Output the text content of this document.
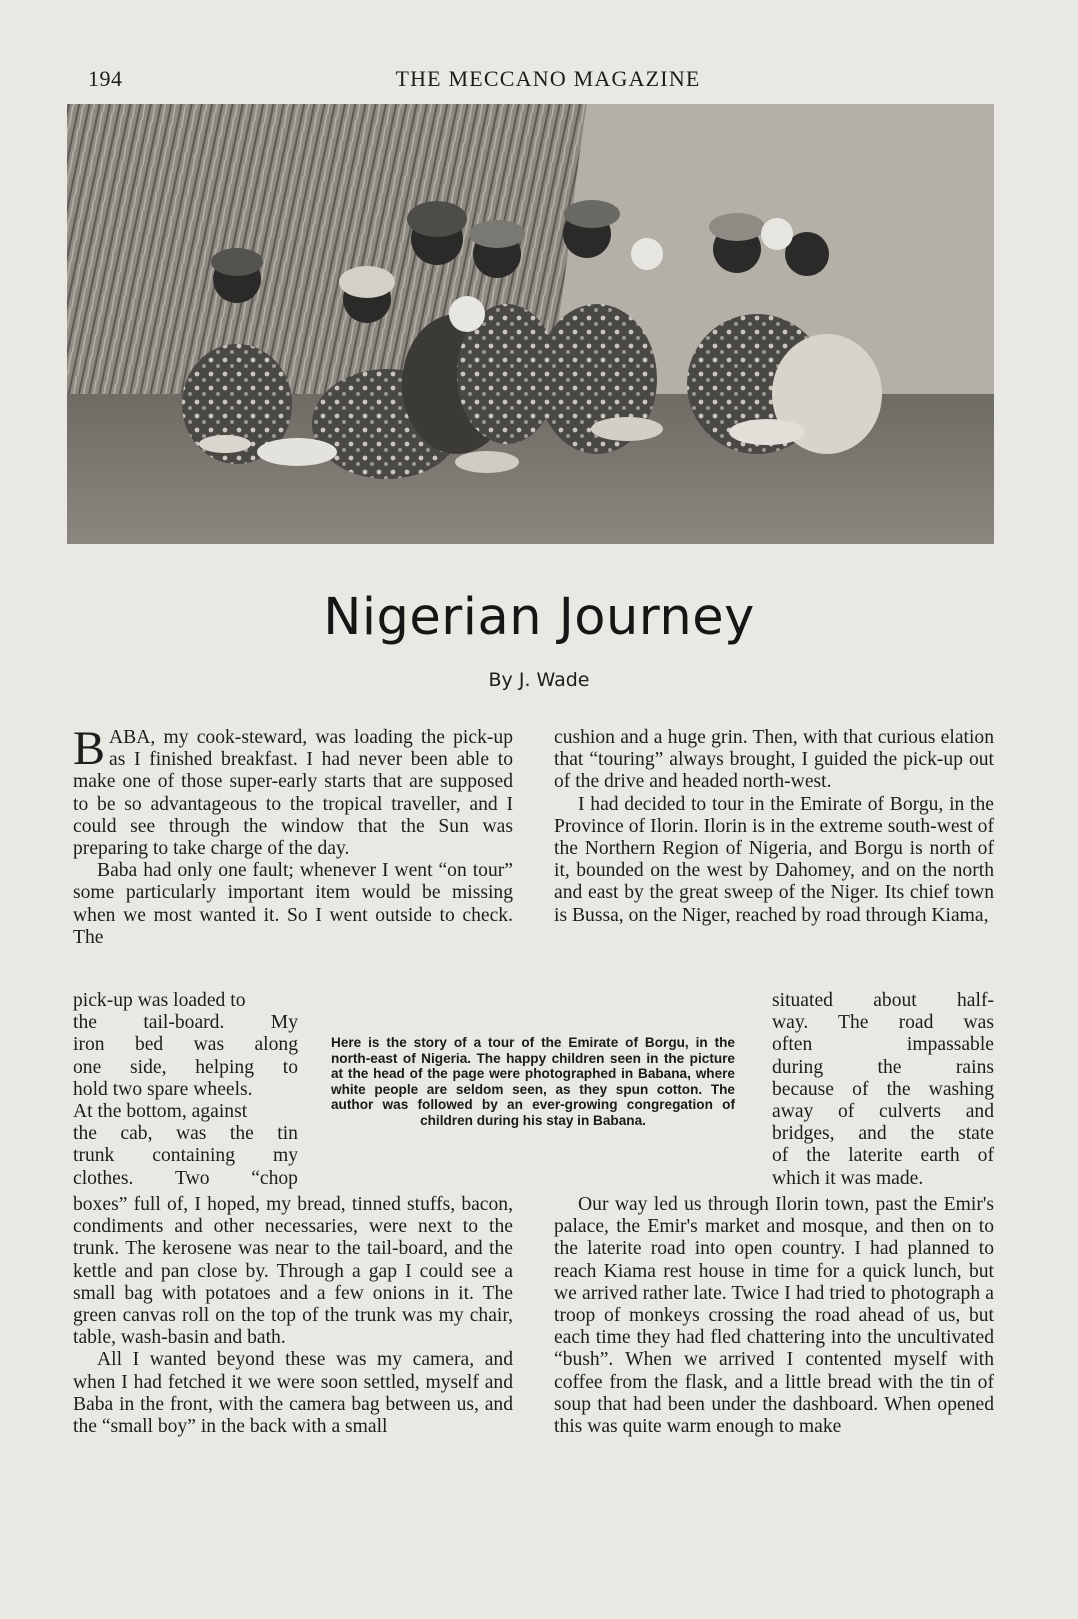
194	THE MECCANO MAGAZINE
Nigerian Journey
By J. Wade

BABA, my cook-steward, was loading the pick-up as I finished breakfast. I had never been able to make one of those super-early starts that are supposed to be so advantageous to the tropical traveller, and I could see through the window that the Sun was preparing to take charge of the day.

Baba had only one fault; whenever I went “on tour” some particularly important item would be missing when we most wanted it. So I went outside to check. The

pick-up was loaded to
the tail-board. My
iron bed was along
one side, helping to
hold two spare wheels.
At the bottom, against
the cab, was the tin
trunk containing my
clothes. Two “chop
Here is the story of a tour of the Emirate of Borgu, in the north-east of Nigeria. The happy children seen in the picture at the head of the page were photographed in Babana, where white people are seldom seen, as they spun cotton. The author was followed by an ever-growing congregation of children during his stay in Babana.

cushion and a huge grin. Then, with that curious elation that “touring” always brought, I guided the pick-up out of the drive and headed north-west.

I had decided to tour in the Emirate of Borgu, in the Province of Ilorin. Ilorin is in the extreme south-west of the Northern Region of Nigeria, and Borgu is north of it, bounded on the west by Dahomey, and on the north and east by the great sweep of the Niger. Its chief town is Bussa, on the Niger, reached by road through Kiama,

situated about half-
way. The road was
often impassable
during the rains
because of the washing
away of culverts and
bridges, and the state
of the laterite earth of
which it was made.

boxes” full of, I hoped, my bread, tinned stuffs, bacon, condiments and other necessaries, were next to the trunk. The kerosene was near to the tail-board, and the kettle and pan close by. Through a gap I could see a small bag with potatoes and a few onions in it. The green canvas roll on the top of the trunk was my chair, table, wash-basin and bath.

All I wanted beyond these was my camera, and when I had fetched it we were soon settled, myself and Baba in the front, with the camera bag between us, and the “small boy” in the back with a small

Our way led us through Ilorin town, past the Emir's palace, the Emir's market and mosque, and then on to the laterite road into open country. I had planned to reach Kiama rest house in time for a quick lunch, but we arrived rather late. Twice I had tried to photograph a troop of monkeys crossing the road ahead of us, but each time they had fled chattering into the uncultivated “bush”. When we arrived I contented myself with coffee from the flask, and a little bread with the tin of soup that had been under the dashboard. When opened this was quite warm enough to make
